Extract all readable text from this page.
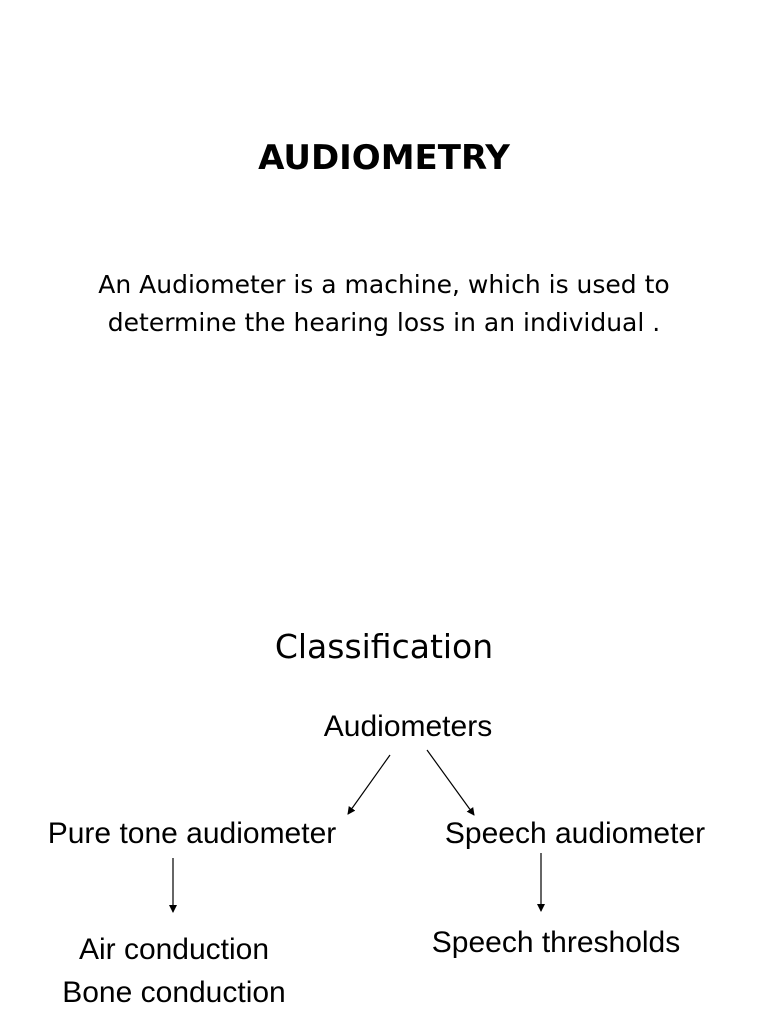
AUDIOMETRY
An Audiometer is a machine, which is used to
determine the hearing loss in an individual .
Classification
Audiometers
Pure tone audiometer	Speech audiometer
Air conduction
Bone conduction
Speech thresholds
